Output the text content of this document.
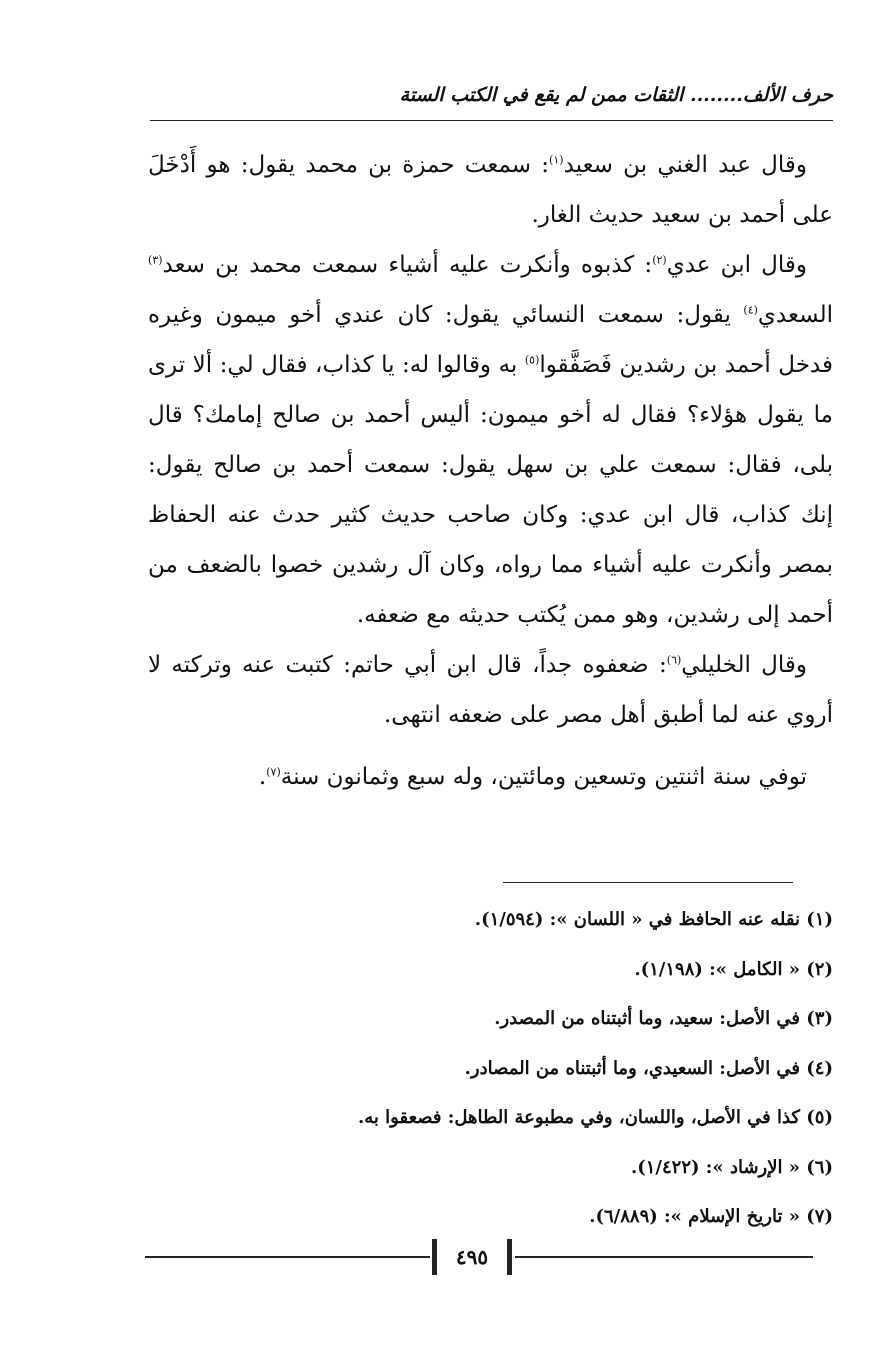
حرف الألف........ الثقات ممن لم يقع في الكتب الستة

وقال عبد الغني بن سعيد$^{(١)}$: سمعت حمزة بن محمد يقول: هو أَدْخَلَ على أحمد بن سعيد حديث الغار.

وقال ابن عدي$^{(٢)}$: كذبوه وأنكرت عليه أشياء سمعت محمد بن سعد$^{(٣)}$ السعدي$^{(٤)}$ يقول: سمعت النسائي يقول: كان عندي أخو ميمون وغيره فدخل أحمد بن رشدين فَصَفَّقوا$^{(٥)}$ به وقالوا له: يا كذاب، فقال لي: ألا ترى ما يقول هؤلاء؟ فقال له أخو ميمون: أليس أحمد بن صالح إمامك؟ قال بلى، فقال: سمعت علي بن سهل يقول: سمعت أحمد بن صالح يقول: إنك كذاب، قال ابن عدي: وكان صاحب حديث كثير حدث عنه الحفاظ بمصر وأنكرت عليه أشياء مما رواه، وكان آل رشدين خصوا بالضعف من أحمد إلى رشدين، وهو ممن يُكتب حديثه مع ضعفه.

وقال الخليلي$^{(٦)}$: ضعفوه جداً، قال ابن أبي حاتم: كتبت عنه وتركته لا أروي عنه لما أطبق أهل مصر على ضعفه انتهى.

توفي سنة اثنتين وتسعين ومائتين، وله سبع وثمانون سنة$^{(٧)}$.

(١) نقله عنه الحافظ في « اللسان »: (١/٥٩٤).

(٢) « الكامل »: (١/١٩٨).

(٣) في الأصل: سعيد، وما أثبتناه من المصدر.

(٤) في الأصل: السعيدي، وما أثبتناه من المصادر.

(٥) كذا في الأصل، واللسان، وفي مطبوعة الطاهل: فصعقوا به.

(٦) « الإرشاد »: (١/٤٢٢).

(٧) « تاريخ الإسلام »: (٦/٨٨٩).

٤٩٥
